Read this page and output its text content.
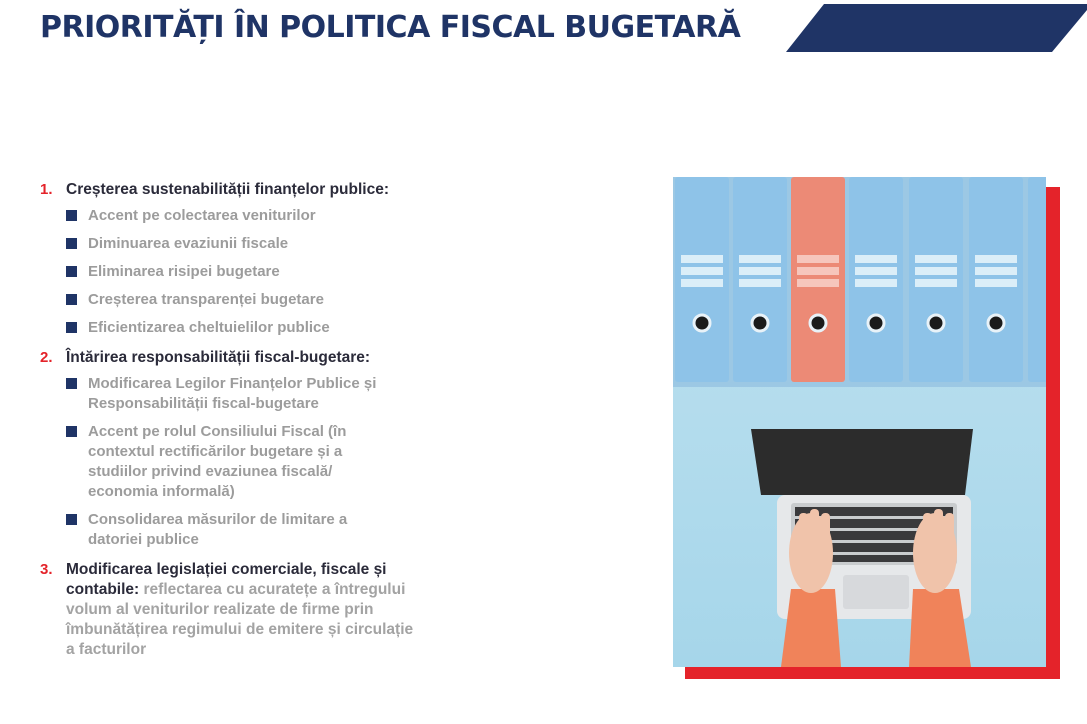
PRIORITĂȚI ÎN POLITICA FISCAL BUGETARĂ
1. Creșterea sustenabilității finanțelor publice:
Accent pe colectarea veniturilor
Diminuarea evaziunii fiscale
Eliminarea risipei bugetare
Creșterea transparenței bugetare
Eficientizarea cheltuielilor publice
2. Întărirea responsabilității fiscal-bugetare:
Modificarea Legilor Finanțelor Publice și Responsabilității fiscal-bugetare
Accent pe rolul Consiliului Fiscal (în contextul rectificărilor bugetare și a studiilor privind evaziunea fiscală/ economia informală)
Consolidarea măsurilor de limitare a datoriei publice
3. Modificarea legislației comerciale, fiscale și contabile: reflectarea cu acuratețe a întregului volum al veniturilor realizate de firme prin îmbunătățirea regimului de emitere și circulație a facturilor
